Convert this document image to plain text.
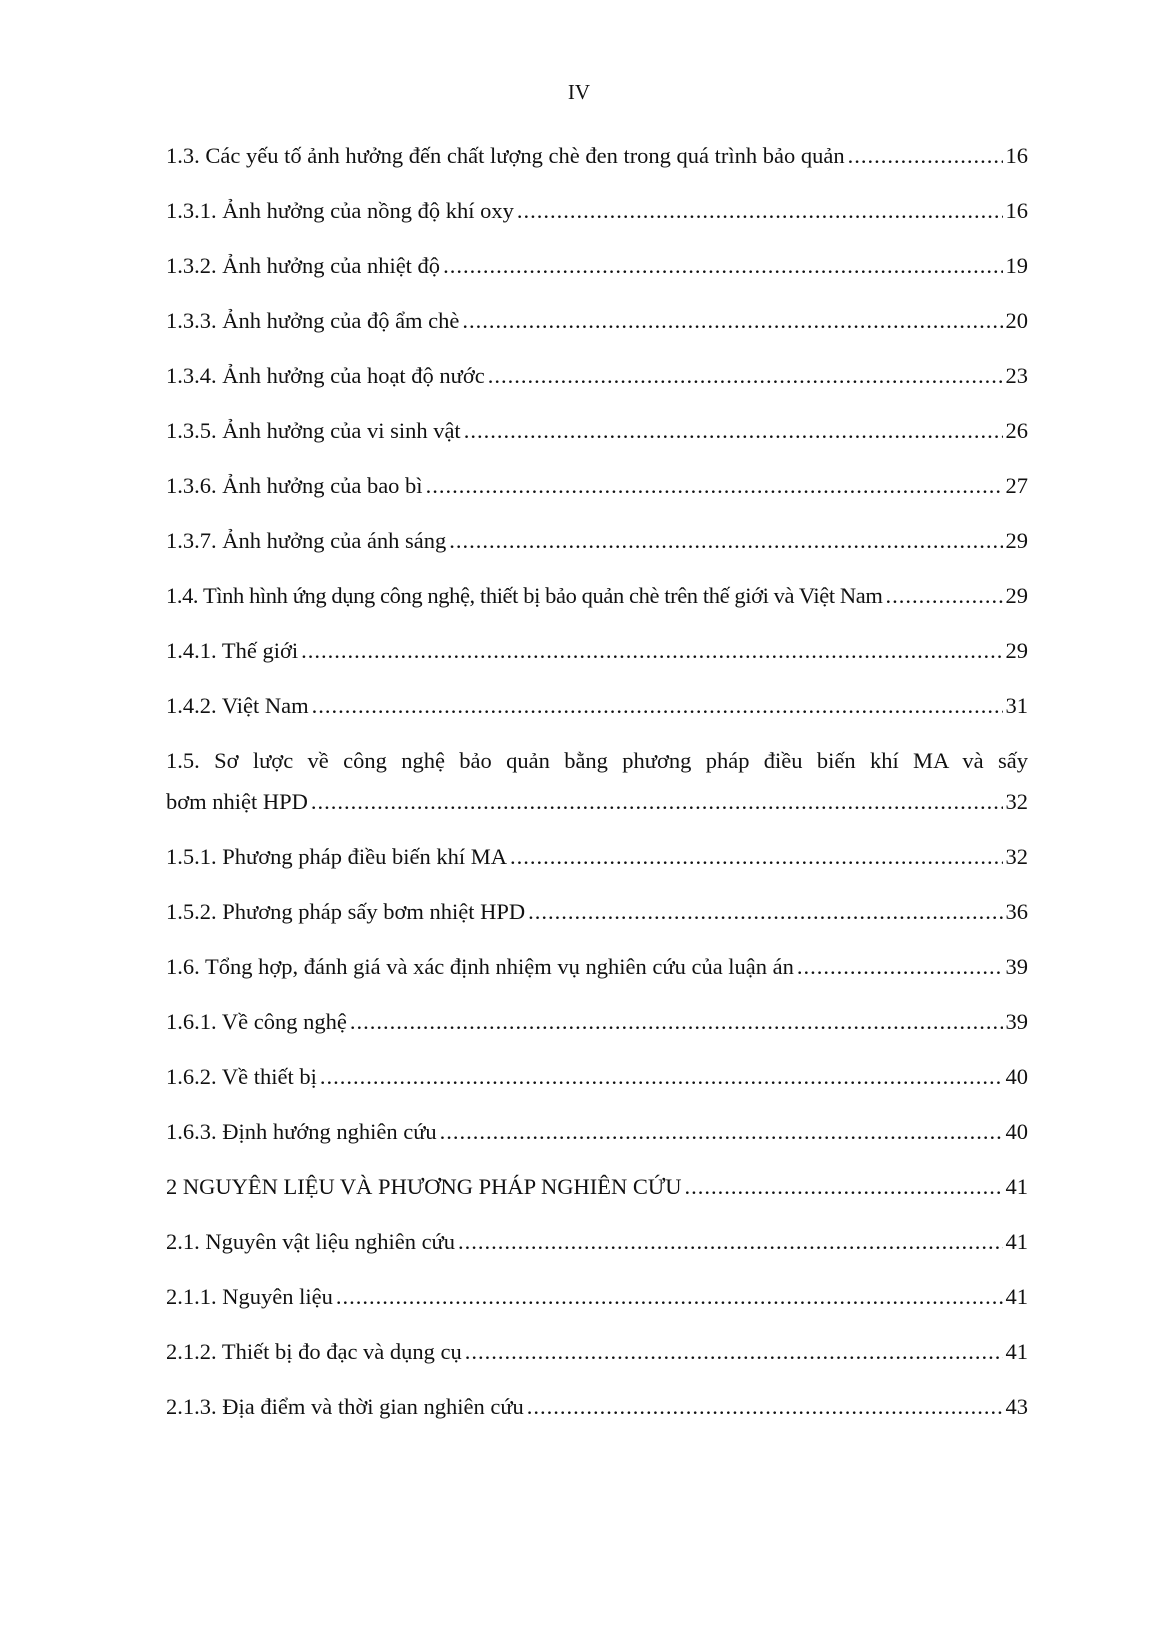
IV
1.3. Các yếu tố ảnh hưởng đến chất lượng chè đen trong quá trình bảo quản .....	16
1.3.1. Ảnh hưởng của nồng độ khí oxy .....	16
1.3.2. Ảnh hưởng của nhiệt độ .....	19
1.3.3. Ảnh hưởng của độ ẩm chè .....	20
1.3.4. Ảnh hưởng của hoạt độ nước .....	23
1.3.5. Ảnh hưởng của vi sinh vật .....	26
1.3.6. Ảnh hưởng của bao bì .....	27
1.3.7. Ảnh hưởng của ánh sáng .....	29
1.4. Tình hình ứng dụng công nghệ, thiết bị bảo quản chè trên thế giới và Việt Nam .....	29
1.4.1. Thế giới .....	29
1.4.2. Việt Nam .....	31
1.5. Sơ lược về công nghệ bảo quản bằng phương pháp điều biến khí MA và sấy
bơm nhiệt HPD .....	32
1.5.1. Phương pháp điều biến khí MA .....	32
1.5.2. Phương pháp sấy bơm nhiệt HPD .....	36
1.6. Tổng hợp, đánh giá và xác định nhiệm vụ nghiên cứu của luận án .....	39
1.6.1. Về công nghệ .....	39
1.6.2. Về thiết bị .....	40
1.6.3. Định hướng nghiên cứu .....	40
2 NGUYÊN LIỆU VÀ PHƯƠNG PHÁP NGHIÊN CỨU .....	41
2.1. Nguyên vật liệu nghiên cứu .....	41
2.1.1. Nguyên liệu .....	41
2.1.2. Thiết bị đo đạc và dụng cụ .....	41
2.1.3. Địa điểm và thời gian nghiên cứu .....	43
